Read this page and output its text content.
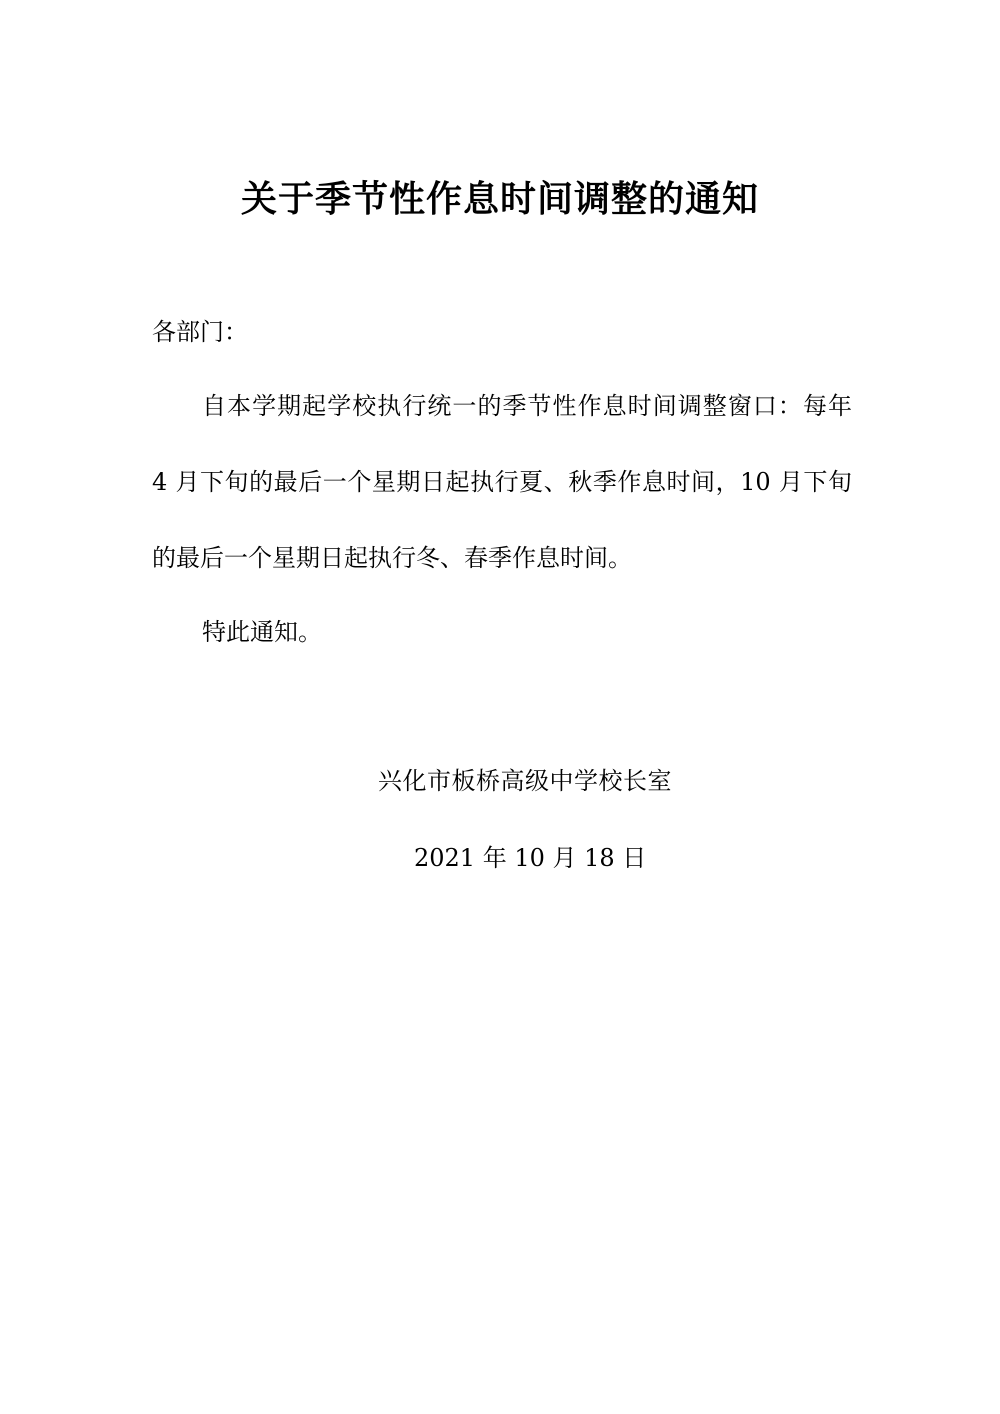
关于季节性作息时间调整的通知
各部门：
自本学期起学校执行统一的季节性作息时间调整窗口：每年
4 月下旬的最后一个星期日起执行夏、秋季作息时间，10 月下旬
的最后一个星期日起执行冬、春季作息时间。
特此通知。
兴化市板桥高级中学校长室
2021 年 10 月 18 日
